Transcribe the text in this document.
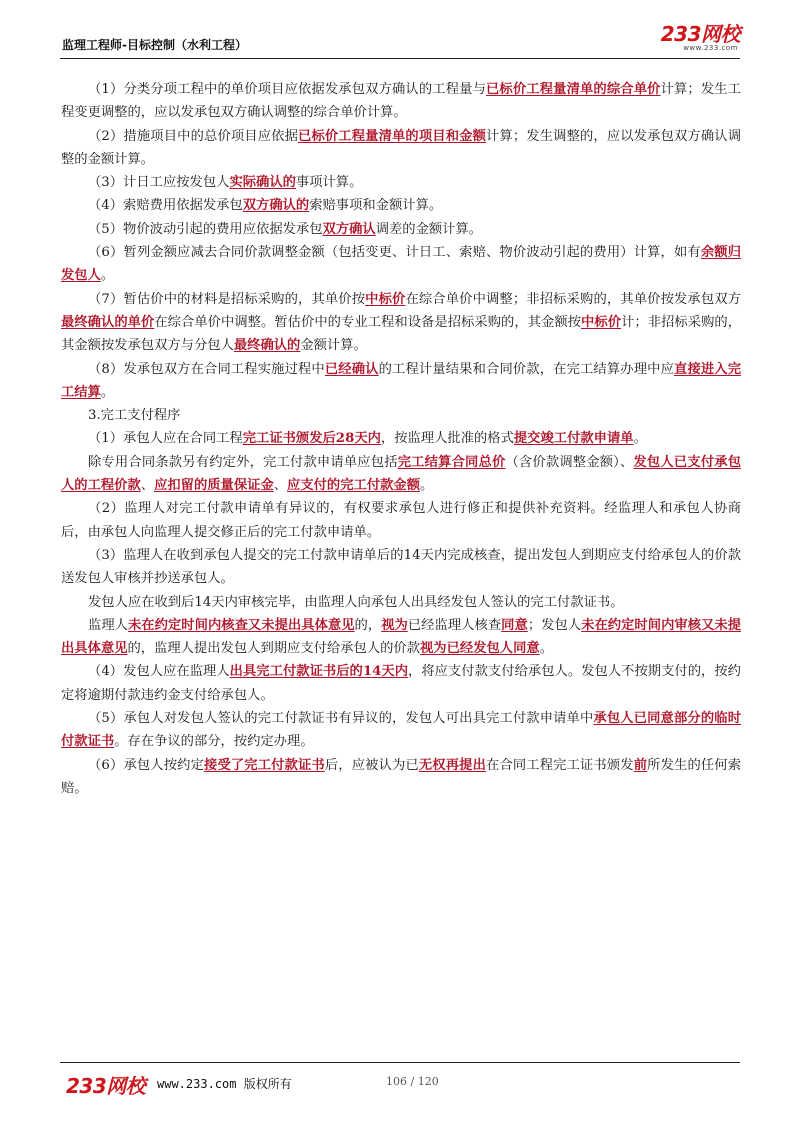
监理工程师-目标控制（水利工程）	233网校
www.233.com

（1）分类分项工程中的单价项目应依据发承包双方确认的工程量与已标价工程量清单的综合单价计算；发生工程变更调整的，应以发承包双方确认调整的综合单价计算。

（2）措施项目中的总价项目应依据已标价工程量清单的项目和金额计算；发生调整的，应以发承包双方确认调整的金额计算。

（3）计日工应按发包人实际确认的事项计算。

（4）索赔费用依据发承包双方确认的索赔事项和金额计算。

（5）物价波动引起的费用应依据发承包双方确认调差的金额计算。

（6）暂列金额应减去合同价款调整金额（包括变更、计日工、索赔、物价波动引起的费用）计算，如有余额归发包人。

（7）暂估价中的材料是招标采购的，其单价按中标价在综合单价中调整；非招标采购的，其单价按发承包双方最终确认的单价在综合单价中调整。暂估价中的专业工程和设备是招标采购的，其金额按中标价计；非招标采购的，其金额按发承包双方与分包人最终确认的金额计算。

（8）发承包双方在合同工程实施过程中已经确认的工程计量结果和合同价款，在完工结算办理中应直接进入完工结算。

3.完工支付程序

（1）承包人应在合同工程完工证书颁发后28天内，按监理人批准的格式提交竣工付款申请单。

除专用合同条款另有约定外，完工付款申请单应包括完工结算合同总价（含价款调整金额）、发包人已支付承包人的工程价款、应扣留的质量保证金、应支付的完工付款金额。

（2）监理人对完工付款申请单有异议的，有权要求承包人进行修正和提供补充资料。经监理人和承包人协商后，由承包人向监理人提交修正后的完工付款申请单。

（3）监理人在收到承包人提交的完工付款申请单后的14天内完成核查，提出发包人到期应支付给承包人的价款送发包人审核并抄送承包人。

发包人应在收到后14天内审核完毕，由监理人向承包人出具经发包人签认的完工付款证书。

监理人未在约定时间内核查又未提出具体意见的，视为已经监理人核查同意；发包人未在约定时间内审核又未提出具体意见的，监理人提出发包人到期应支付给承包人的价款视为已经发包人同意。

（4）发包人应在监理人出具完工付款证书后的14天内，将应支付款支付给承包人。发包人不按期支付的，按约定将逾期付款违约金支付给承包人。

（5）承包人对发包人签认的完工付款证书有异议的，发包人可出具完工付款申请单中承包人已同意部分的临时付款证书。存在争议的部分，按约定办理。

（6）承包人按约定接受了完工付款证书后，应被认为已无权再提出在合同工程完工证书颁发前所发生的任何索赔。

233网校 www.233.com 版权所有	106 / 120
